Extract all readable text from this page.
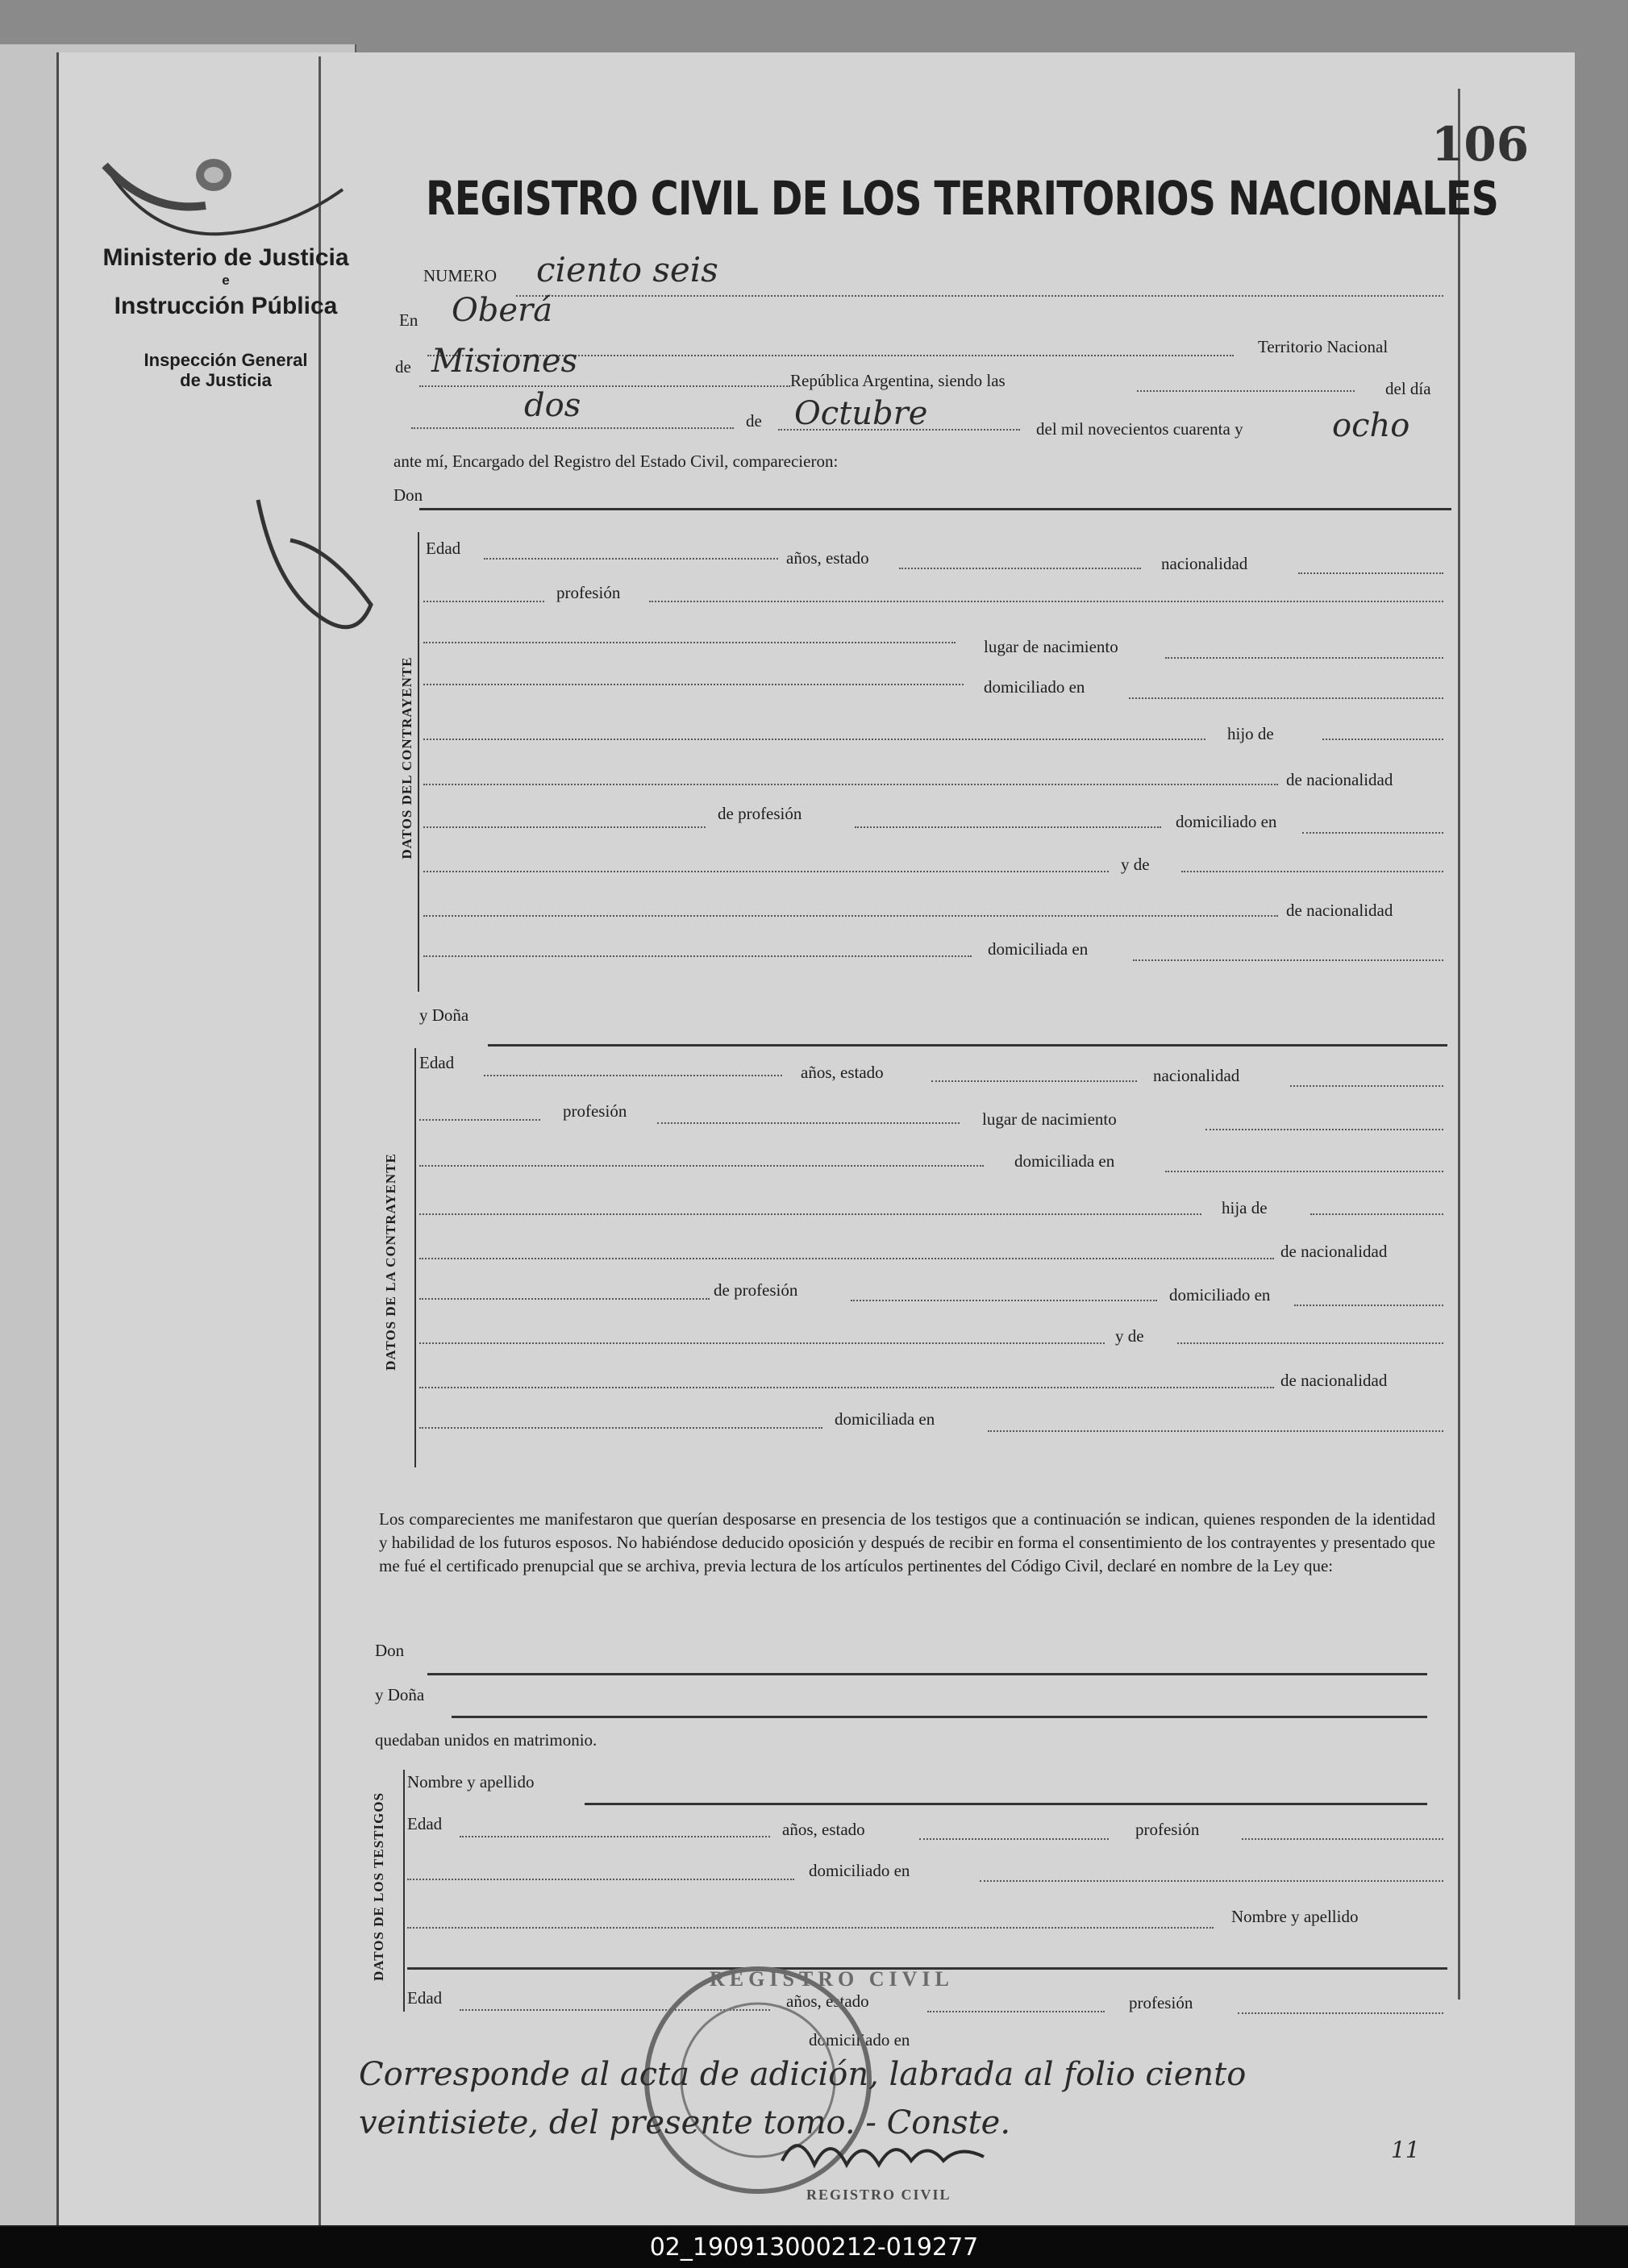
106
Ministerio de Justicia
e
Instrucción Pública
Inspección General
de Justicia
REGISTRO CIVIL DE LOS TERRITORIOS NACIONALES
NUMERO ciento seis
En Oberá
Territorio Nacional
de Misiones
República Argentina, siendo las	del día
dos	de Octubre	del mil novecientos cuarenta y	ocho
ante mí, Encargado del Registro del Estado Civil, comparecieron:
Don
DATOS DEL CONTRAYENTE
Edad	años, estado	nacionalidad
profesión
lugar de nacimiento
domiciliado en
hijo de
de nacionalidad
de profesión	domiciliado en
y de
de nacionalidad
domiciliada en
y Doña
DATOS DE LA CONTRAYENTE
Edad	años, estado	nacionalidad
profesión	lugar de nacimiento
domiciliada en
hija de
de nacionalidad
de profesión	domiciliado en
y de
de nacionalidad
domiciliada en
Los comparecientes me manifestaron que querían desposarse en presencia de los testigos que a continuación se indican, quienes responden de la identidad y habilidad de los futuros esposos. No habiéndose deducido oposición y después de recibir en forma el consentimiento de los contrayentes y presentado que me fué el certificado prenupcial que se archiva, previa lectura de los artículos pertinentes del Código Civil, declaré en nombre de la Ley que:
Don
y Doña
quedaban unidos en matrimonio.
DATOS DE LOS TESTIGOS
Nombre y apellido
Edad	años, estado	profesión
domiciliado en
Nombre y apellido
Edad	años, estado	profesión
domiciliado en
REGISTRO CIVIL
Corresponde al acta de adición, labrada al folio ciento
veintisiete, del presente tomo. - Conste.
11
REGISTRO CIVIL
02_190913000212-019277
